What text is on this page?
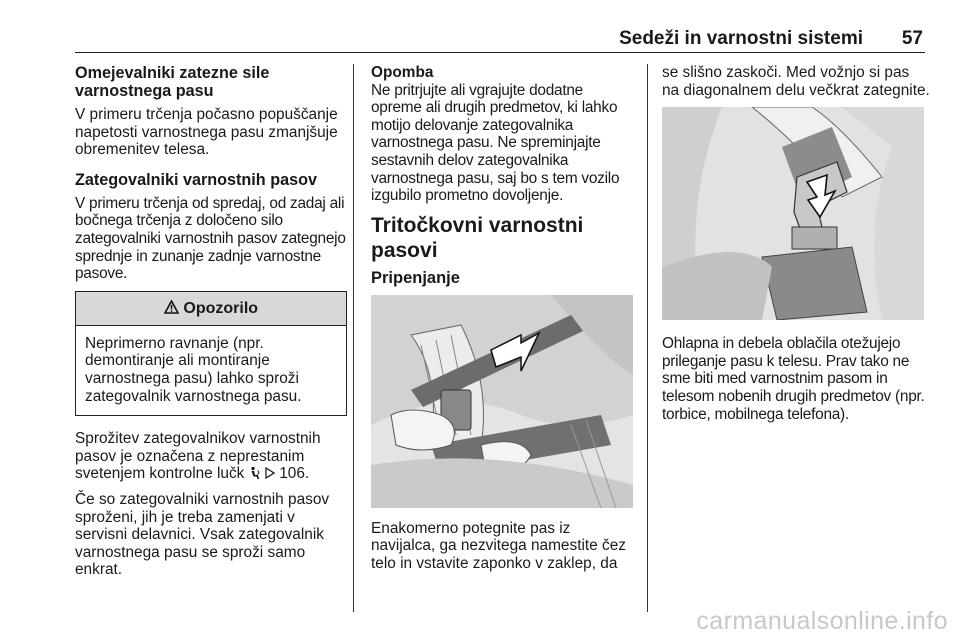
Sedeži in varnostni sistemi 57
Omejevalniki zatezne sile varnostnega pasu

V primeru trčenja počasno popuščanje napetosti varnostnega pasu zmanjšuje obremenitev telesa.

Zategovalniki varnostnih pasov

V primeru trčenja od spredaj, od zadaj ali bočnega trčenja z določeno silo zategovalniki varnostnih pasov zategnejo sprednje in zunanje zadnje varnostne pasove.

Opozorilo
Neprimerno ravnanje (npr. demontiranje ali montiranje varnostnega pasu) lahko sproži zategovalnik varnostnega pasu.

Sprožitev zategovalnikov varnostnih pasov je označena z neprestanim svetenjem kontrolne lučk 106.

Če so zategovalniki varnostnih pasov sproženi, jih je treba zamenjati v servisni delavnici. Vsak zategovalnik varnostnega pasu se sproži samo enkrat.

Opomba

Ne pritrjujte ali vgrajujte dodatne opreme ali drugih predmetov, ki lahko motijo delovanje zategovalnika varnostnega pasu. Ne spreminjajte sestavnih delov zategovalnika varnostnega pasu, saj bo s tem vozilo izgubilo prometno dovoljenje.

Tritočkovni varnostni pasovi
Pripenjanje

Enakomerno potegnite pas iz navijalca, ga nezvitega namestite čez telo in vstavite zaponko v zaklep, da

se slišno zaskoči. Med vožnjo si pas na diagonalnem delu večkrat zategnite.

Ohlapna in debela oblačila otežujejo prileganje pasu k telesu. Prav tako ne sme biti med varnostnim pasom in telesom nobenih drugih predmetov (npr. torbice, mobilnega telefona).

carmanualsonline.info
